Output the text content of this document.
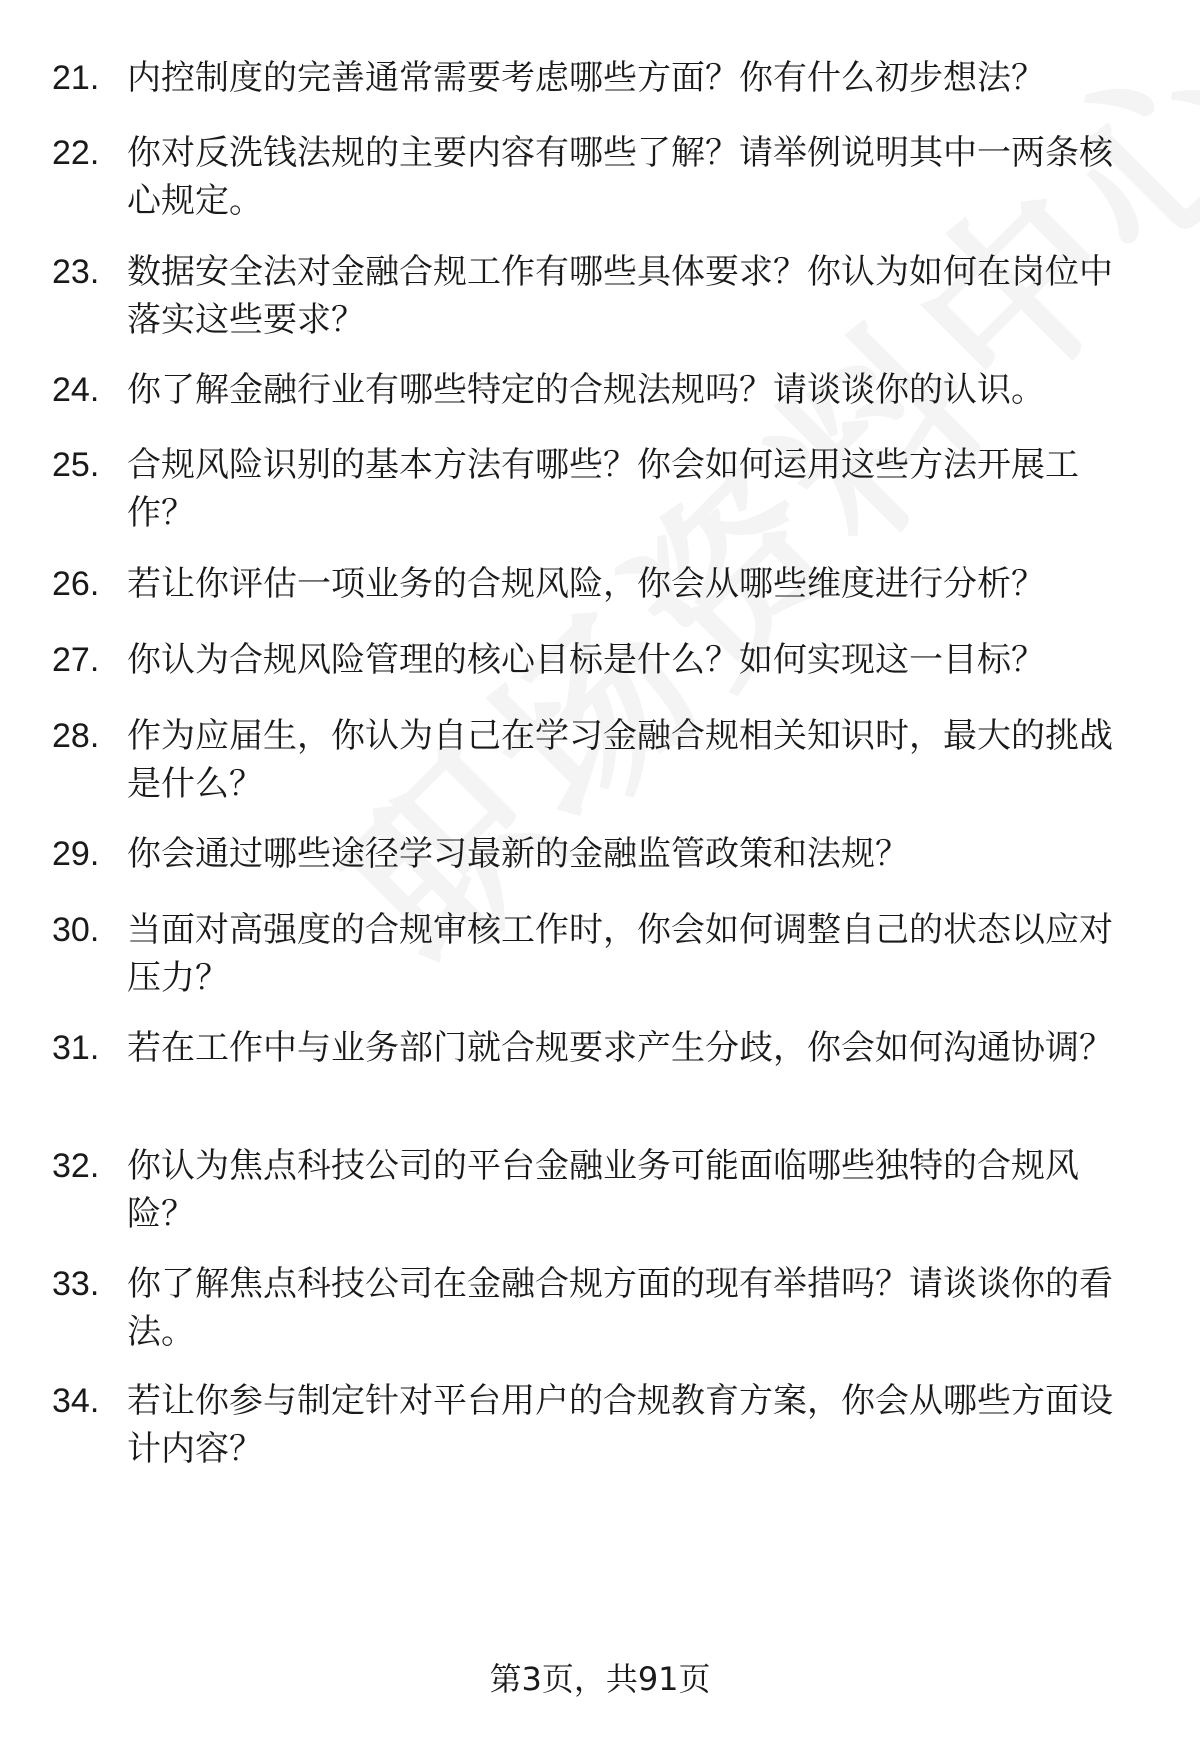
21. 内控制度的完善通常需要考虑哪些方面？你有什么初步想法？
22. 你对反洗钱法规的主要内容有哪些了解？请举例说明其中一两条核心规定。
23. 数据安全法对金融合规工作有哪些具体要求？你认为如何在岗位中落实这些要求？
24. 你了解金融行业有哪些特定的合规法规吗？请谈谈你的认识。
25. 合规风险识别的基本方法有哪些？你会如何运用这些方法开展工作？
26. 若让你评估一项业务的合规风险，你会从哪些维度进行分析？
27. 你认为合规风险管理的核心目标是什么？如何实现这一目标？
28. 作为应届生，你认为自己在学习金融合规相关知识时，最大的挑战是什么？
29. 你会通过哪些途径学习最新的金融监管政策和法规？
30. 当面对高强度的合规审核工作时，你会如何调整自己的状态以应对压力？
31. 若在工作中与业务部门就合规要求产生分歧，你会如何沟通协调？
32. 你认为焦点科技公司的平台金融业务可能面临哪些独特的合规风险？
33. 你了解焦点科技公司在金融合规方面的现有举措吗？请谈谈你的看法。
34. 若让你参与制定针对平台用户的合规教育方案，你会从哪些方面设计内容？
第3页，共91页
